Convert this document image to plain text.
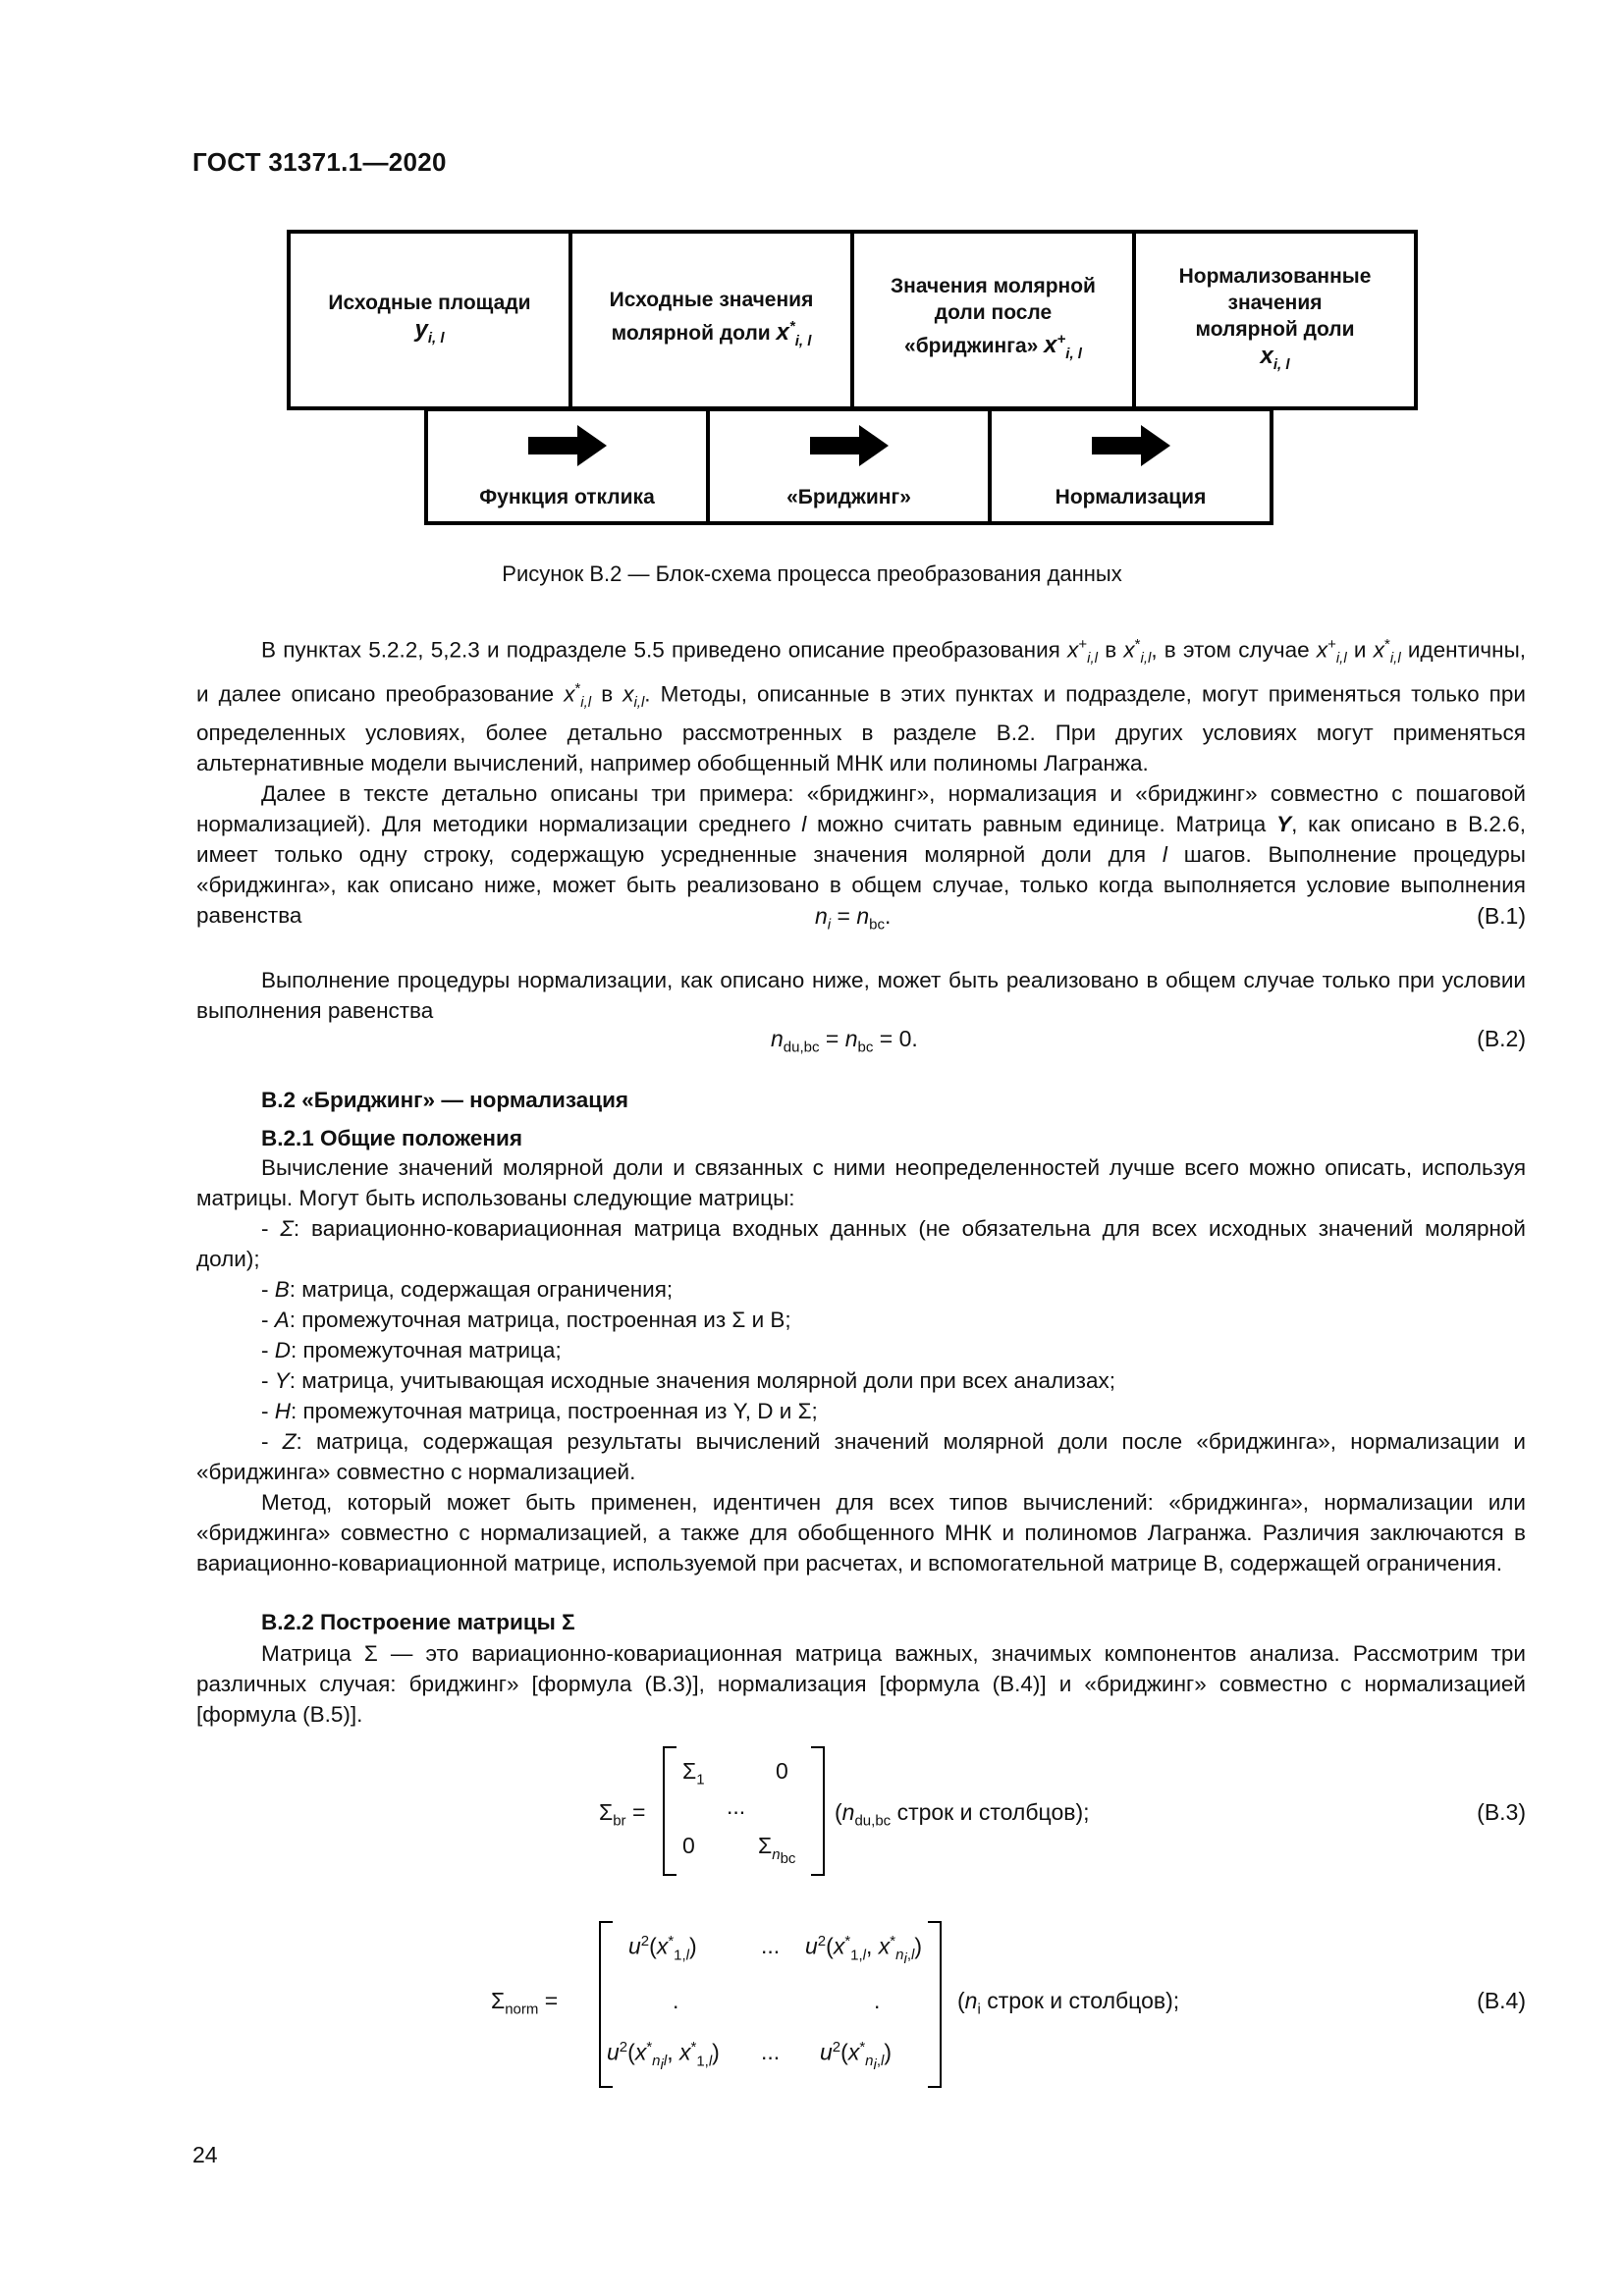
ГОСТ 31371.1—2020
Исходные площади
$y_{i, l}$
Исходные значения молярной доли $x^*_{i, l}$
Значения молярной доли после «бриджинга» $x^+_{i, l}$
Нормализованные значения молярной доли
$x_{i, l}$
Функция отклика	«Бриджинг»	Нормализация
Рисунок В.2 — Блок-схема процесса преобразования данных

В пунктах 5.2.2, 5,2.3 и подразделе 5.5 приведено описание преобразования $x^+_{i,l}$ в $x^*_{i,l}$, в этом случае $x^+_{i,l}$ и $x^*_{i,l}$ идентичны, и далее описано преобразование $x^*_{i,l}$ в $x_{i,l}$. Методы, описанные в этих пунктах и подразделе, могут применяться только при определенных условиях, более детально рассмотренных в разделе В.2. При других условиях могут применяться альтернативные модели вычислений, например обобщенный МНК или полиномы Лагранжа.

Далее в тексте детально описаны три примера: «бриджинг», нормализация и «бриджинг» совместно с пошаговой нормализацией). Для методики нормализации среднего l можно считать равным единице. Матрица Y, как описано в В.2.6, имеет только одну строку, содержащую усредненные значения молярной доли для l шагов. Выполнение процедуры «бриджинга», как описано ниже, может быть реализовано в общем случае, только когда выполняется условие выполнения равенства	$n_i = n_{bc}$.	(В.1)

Выполнение процедуры нормализации, как описано ниже, может быть реализовано в общем случае только при условии выполнения равенства

$n_{du,bc} = n_{bc} = 0$.	(В.2)
В.2 «Бриджинг» — нормализация
В.2.1 Общие положения

Вычисление значений молярной доли и связанных с ними неопределенностей лучше всего можно описать, используя матрицы. Могут быть использованы следующие матрицы:

- Σ: вариационно-ковариационная матрица входных данных (не обязательна для всех исходных значений молярной доли);

- B: матрица, содержащая ограничения;

- A: промежуточная матрица, построенная из Σ и B;

- D: промежуточная матрица;

- Y: матрица, учитывающая исходные значения молярной доли при всех анализах;

- H: промежуточная матрица, построенная из Y, D и Σ;

- Z: матрица, содержащая результаты вычислений значений молярной доли после «бриджинга», нормализации и «бриджинга» совместно с нормализацией.

Метод, который может быть применен, идентичен для всех типов вычислений: «бриджинга», нормализации или «бриджинга» совместно с нормализацией, а также для обобщенного МНК и полиномов Лагранжа. Различия заключаются в вариационно-ковариационной матрице, используемой при расчетах, и вспомогательной матрице B, содержащей ограничения.

В.2.2 Построение матрицы Σ

Матрица Σ — это вариационно-ковариационная матрица важных, значимых компонентов анализа. Рассмотрим три различных случая: бриджинг» [формула (В.3)], нормализация [формула (В.4)] и «бриджинг» совместно с нормализацией [формула (В.5)].

$\Sigma_{br}$ =
$\Sigma_1$	0
...
0	$\Sigma_{n_{bc}}$
($n_{du,bc}$ строк и столбцов);	(В.3)
$\Sigma_{norm}$ =
$u^2(x^*_{1,l})$	... $u^2(x^*_{1,l}$, $x^*_{n_i,l}$)
.	.
$u^2(x^*_{n_il}$, $x^*_{1,l}$) ... $u^2(x^*_{n_i,l})$
($n_i$ строк и столбцов);	(В.4)
24
